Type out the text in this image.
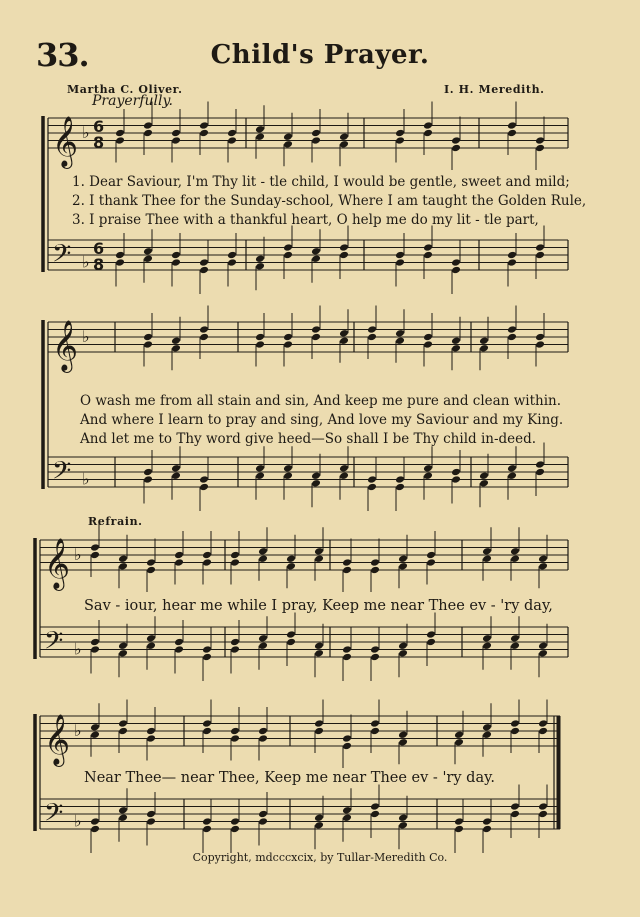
33.	Child's Prayer.
Martha C. Oliver.	I. H. Meredith.
Prayerfully.
𝄞
𝄢
♭
♭
6
8
6
8
𝄞
𝄢
♭
♭
𝄞
𝄢
♭
♭
𝄞
𝄢
♭
♭
1. Dear Saviour, I'm Thy lit - tle child, I would be gentle, sweet and mild;
2. I thank Thee for the Sunday-school, Where I am taught the Golden Rule,
3. I praise Thee with a thankful heart, O help me do my lit - tle part,
O wash me from all stain and sin, And keep me pure and clean within.
And where I learn to pray and sing, And love my Saviour and my King.
And let me to Thy word give heed—So shall I be Thy child in-deed.
Refrain.
Sav - iour, hear me while I pray, Keep me near Thee ev - 'ry day,
Near Thee— near Thee, Keep me near Thee ev - 'ry day.
Copyright, mdcccxcix, by Tullar-Meredith Co.
